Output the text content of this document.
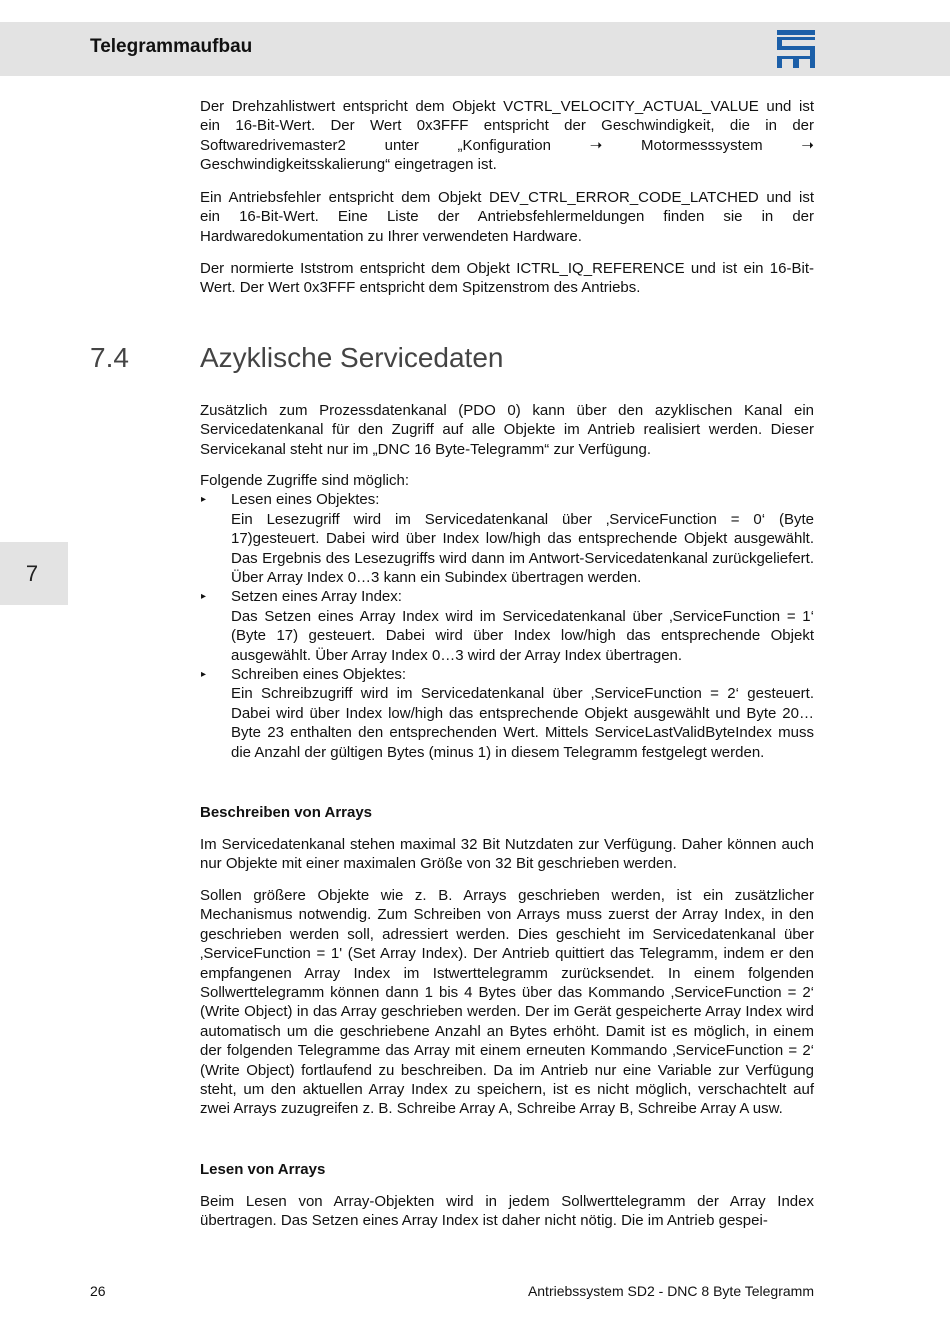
Telegrammaufbau
7

Der Drehzahlistwert entspricht dem Objekt VCTRL_VELOCITY_ACTUAL_VALUE und ist ein 16-Bit-Wert. Der Wert 0x3FFF entspricht der Geschwindigkeit, die in der Softwaredrivemaster2 unter „Konfiguration ➝ Motormesssystem ➝ Geschwindigkeitsskalierung“ eingetragen ist.

Ein Antriebsfehler entspricht dem Objekt DEV_CTRL_ERROR_CODE_LATCHED und ist ein 16-Bit-Wert. Eine Liste der Antriebsfehlermeldungen finden sie in der Hardwaredokumentation zu Ihrer verwendeten Hardware.

Der normierte Iststrom entspricht dem Objekt ICTRL_IQ_REFERENCE und ist ein 16-Bit-Wert. Der Wert 0x3FFF entspricht dem Spitzenstrom des Antriebs.

7.4	Azyklische Servicedaten

Zusätzlich zum Prozessdatenkanal (PDO 0) kann über den azyklischen Kanal ein Servicedatenkanal für den Zugriff auf alle Objekte im Antrieb realisiert werden. Dieser Servicekanal steht nur im „DNC 16 Byte-Telegramm“ zur Verfügung.

Folgende Zugriffe sind möglich:

▸ Lesen eines Objektes:

Ein Lesezugriff wird im Servicedatenkanal über ‚ServiceFunction = 0‘ (Byte 17)gesteuert. Dabei wird über Index low/high das entsprechende Objekt ausgewählt. Das Ergebnis des Lesezugriffs wird dann im Antwort-Servicedatenkanal zurückgeliefert. Über Array Index 0…3 kann ein Subindex übertragen werden.

▸ Setzen eines Array Index:

Das Setzen eines Array Index wird im Servicedatenkanal über ‚ServiceFunction = 1‘ (Byte 17) gesteuert. Dabei wird über Index low/high das entsprechende Objekt ausgewählt. Über Array Index 0…3 wird der Array Index übertragen.

▸ Schreiben eines Objektes:

Ein Schreibzugriff wird im Servicedatenkanal über ‚ServiceFunction = 2‘ gesteuert. Dabei wird über Index low/high das entsprechende Objekt ausgewählt und Byte 20…Byte 23 enthalten den entsprechenden Wert. Mittels ServiceLastValidByteIndex muss die Anzahl der gültigen Bytes (minus 1) in diesem Telegramm festgelegt werden.

Beschreiben von Arrays

Im Servicedatenkanal stehen maximal 32 Bit Nutzdaten zur Verfügung. Daher können auch nur Objekte mit einer maximalen Größe von 32 Bit geschrieben werden.

Sollen größere Objekte wie z. B. Arrays geschrieben werden, ist ein zusätzlicher Mechanismus notwendig. Zum Schreiben von Arrays muss zuerst der Array Index, in den geschrieben werden soll, adressiert werden. Dies geschieht im Servicedatenkanal über ‚ServiceFunction = 1' (Set Array Index). Der Antrieb quittiert das Telegramm, indem er den empfangenen Array Index im Istwerttelegramm zurücksendet. In einem folgenden Sollwerttelegramm können dann 1 bis 4 Bytes über das Kommando ‚ServiceFunction = 2‘ (Write Object) in das Array geschrieben werden. Der im Gerät gespeicherte Array Index wird automatisch um die geschriebene Anzahl an Bytes erhöht. Damit ist es möglich, in einem der folgenden Telegramme das Array mit einem erneuten Kommando ‚ServiceFunction = 2‘ (Write Object) fortlaufend zu beschreiben. Da im Antrieb nur eine Variable zur Verfügung steht, um den aktuellen Array Index zu speichern, ist es nicht möglich, verschachtelt auf zwei Arrays zuzugreifen z. B. Schreibe Array A, Schreibe Array B, Schreibe Array A usw.

Lesen von Arrays

Beim Lesen von Array-Objekten wird in jedem Sollwerttelegramm der Array Index übertragen. Das Setzen eines Array Index ist daher nicht nötig. Die im Antrieb gespei-

26	Antriebssystem SD2 - DNC 8 Byte Telegramm
